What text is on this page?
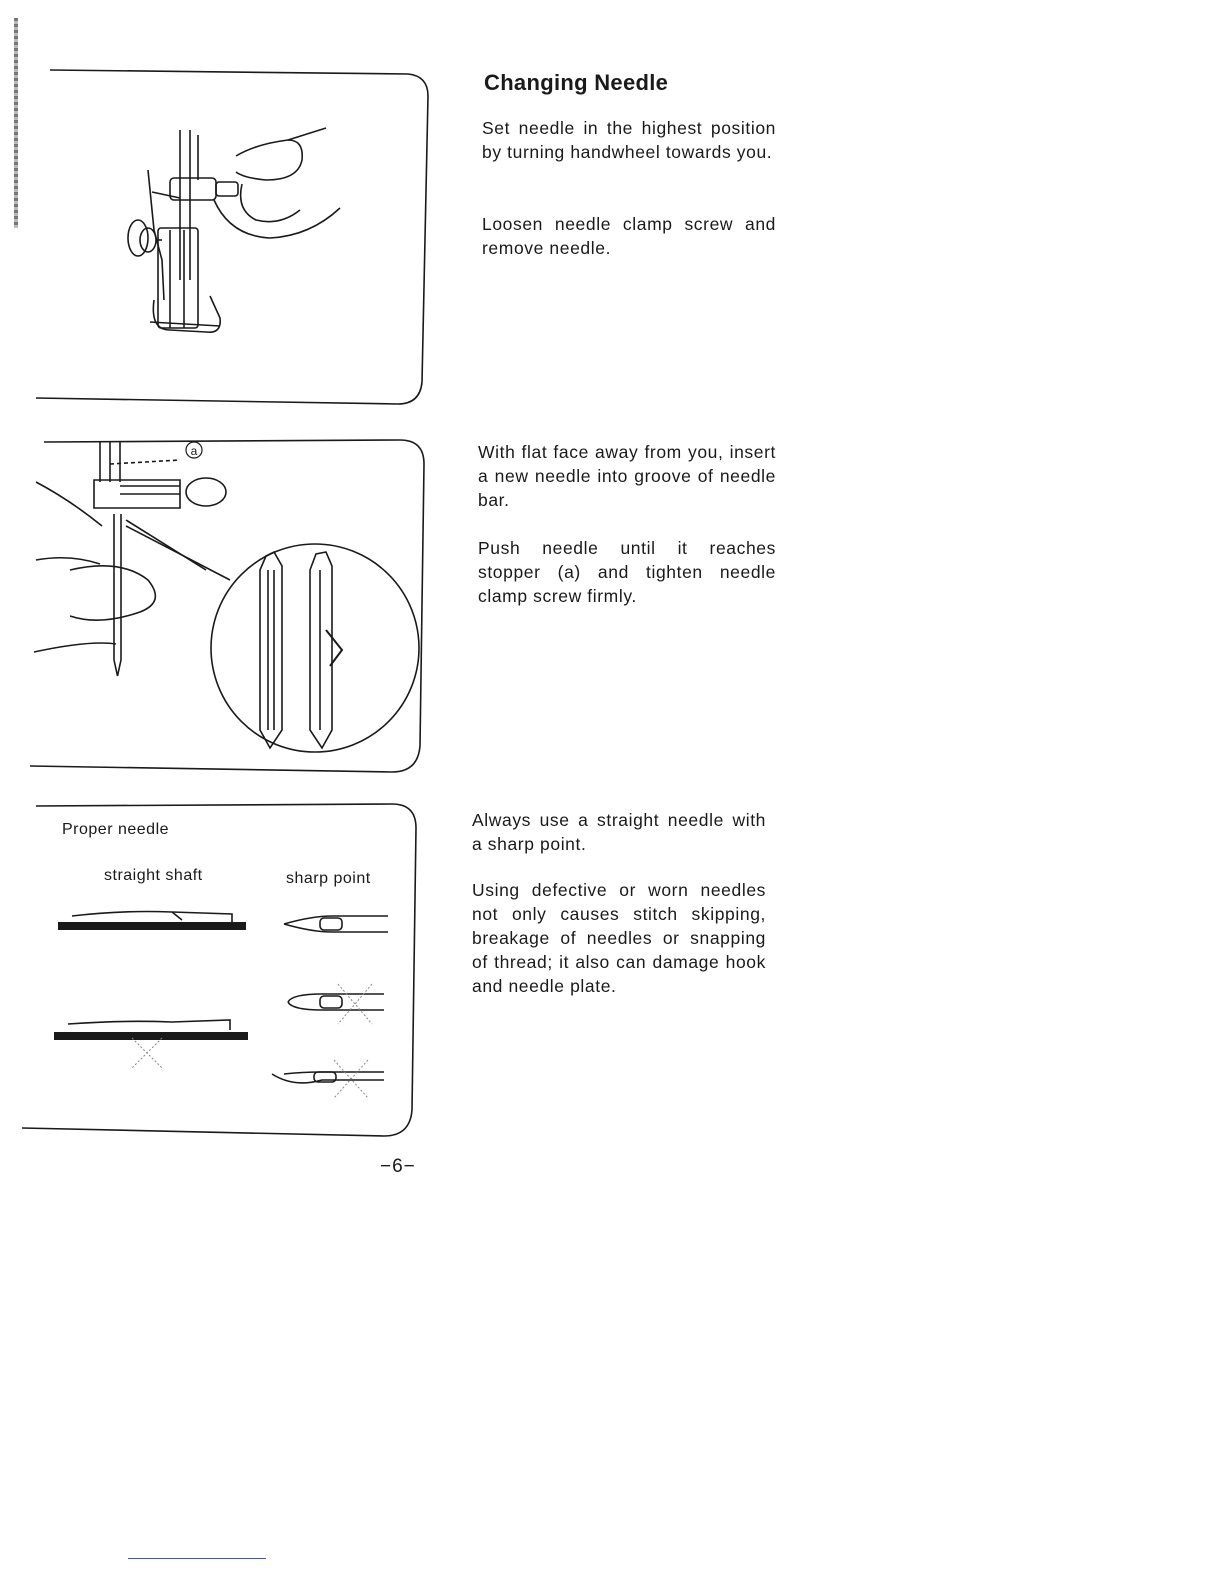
Changing Needle

Set needle in the highest position by turning handwheel towards you.

Loosen needle clamp screw and remove needle.

a	With flat face away from you, insert a new needle into groove of needle bar.

Push needle until it reaches stopper (a) and tighten needle clamp screw firmly.

Proper needle
straight shaft	sharp point

Always use a straight needle with a sharp point.

Using defective or worn needles not only causes stitch skipping, breakage of needles or snapping of thread; it also can damage hook and needle plate.

−6−
